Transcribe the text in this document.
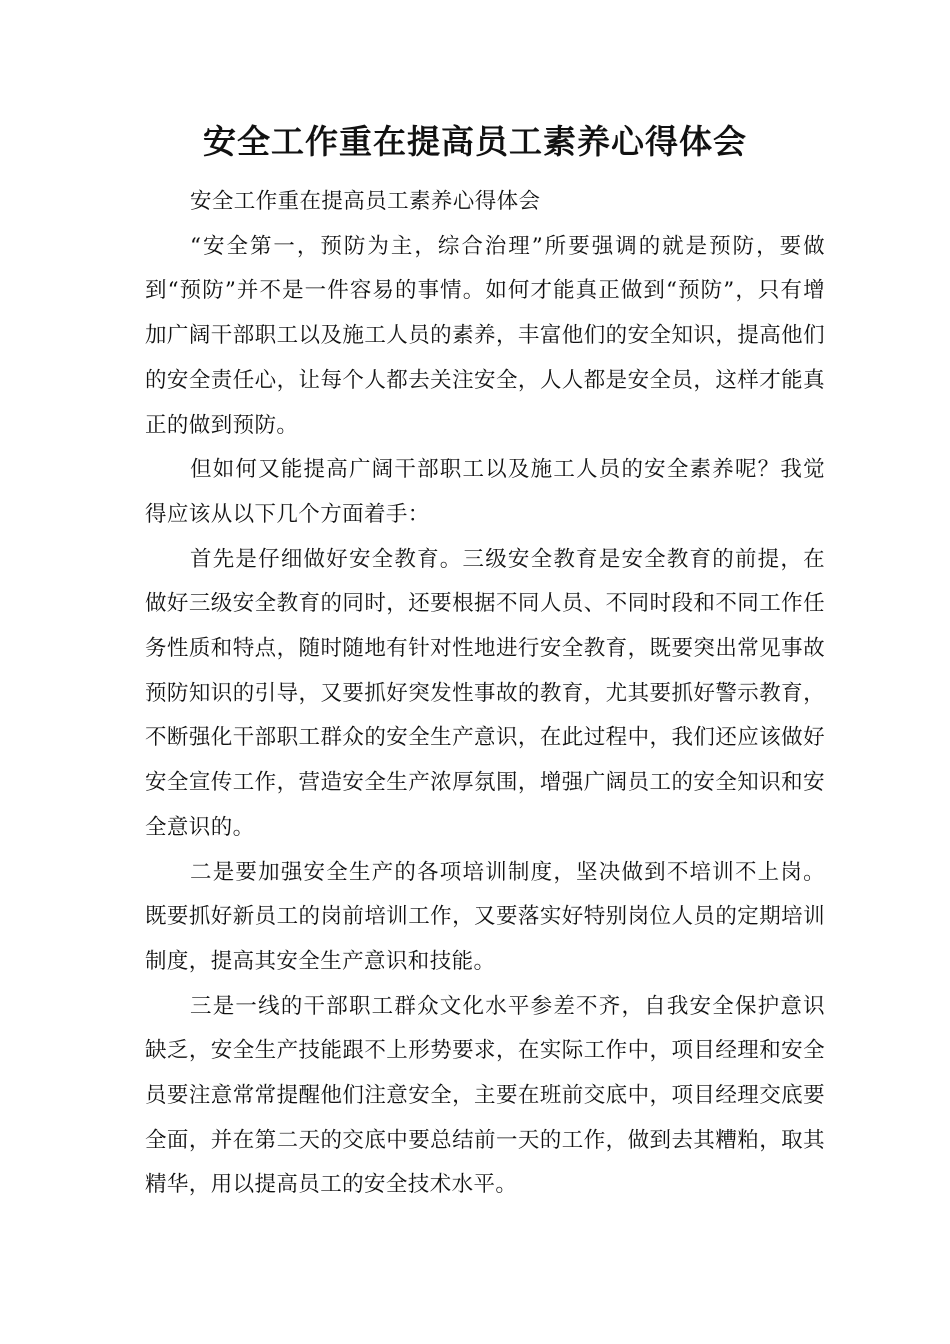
安全工作重在提高员工素养心得体会

安全工作重在提高员工素养心得体会

“安全第一，预防为主，综合治理”所要强调的就是预防，要做到“预防”并不是一件容易的事情。如何才能真正做到“预防”，只有增加广阔干部职工以及施工人员的素养，丰富他们的安全知识，提高他们的安全责任心，让每个人都去关注安全，人人都是安全员，这样才能真正的做到预防。

但如何又能提高广阔干部职工以及施工人员的安全素养呢？我觉得应该从以下几个方面着手：

首先是仔细做好安全教育。三级安全教育是安全教育的前提，在做好三级安全教育的同时，还要根据不同人员、不同时段和不同工作任务性质和特点，随时随地有针对性地进行安全教育，既要突出常见事故预防知识的引导，又要抓好突发性事故的教育，尤其要抓好警示教育，不断强化干部职工群众的安全生产意识，在此过程中，我们还应该做好安全宣传工作，营造安全生产浓厚氛围，增强广阔员工的安全知识和安全意识的。

二是要加强安全生产的各项培训制度，坚决做到不培训不上岗。既要抓好新员工的岗前培训工作，又要落实好特别岗位人员的定期培训制度，提高其安全生产意识和技能。

三是一线的干部职工群众文化水平参差不齐，自我安全保护意识缺乏，安全生产技能跟不上形势要求，在实际工作中，项目经理和安全员要注意常常提醒他们注意安全，主要在班前交底中，项目经理交底要全面，并在第二天的交底中要总结前一天的工作，做到去其糟粕，取其精华，用以提高员工的安全技术水平。
